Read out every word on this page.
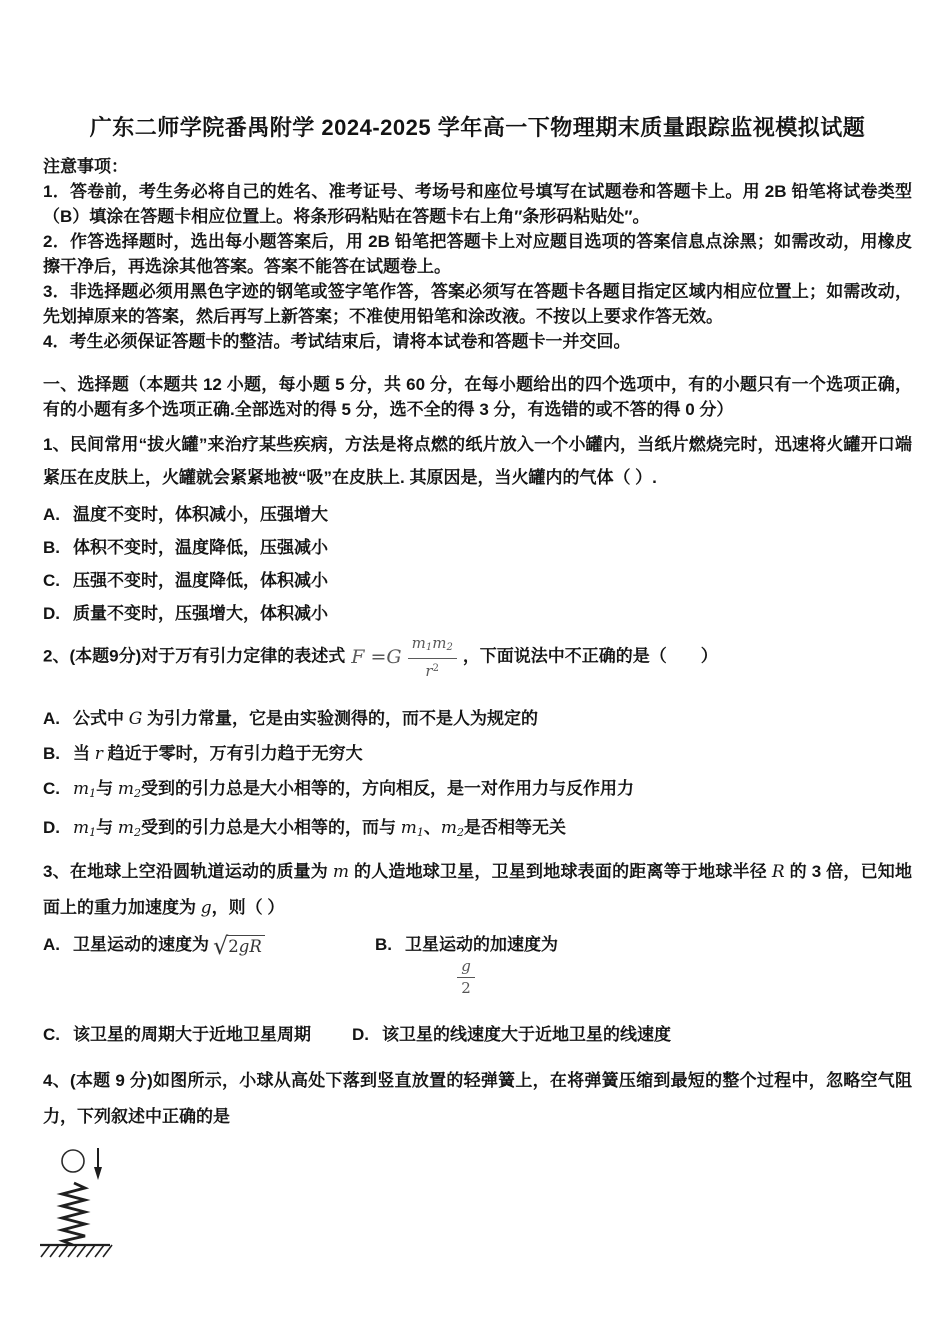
广东二师学院番禺附学 2024-2025 学年高一下物理期末质量跟踪监视模拟试题

注意事项：

1．答卷前，考生务必将自己的姓名、准考证号、考场号和座位号填写在试题卷和答题卡上。用 2B 铅笔将试卷类型（B）填涂在答题卡相应位置上。将条形码粘贴在答题卡右上角″条形码粘贴处″。

2．作答选择题时，选出每小题答案后，用 2B 铅笔把答题卡上对应题目选项的答案信息点涂黑；如需改动，用橡皮擦干净后，再选涂其他答案。答案不能答在试题卷上。

3．非选择题必须用黑色字迹的钢笔或签字笔作答，答案必须写在答题卡各题目指定区域内相应位置上；如需改动，先划掉原来的答案，然后再写上新答案；不准使用铅笔和涂改液。不按以上要求作答无效。

4．考生必须保证答题卡的整洁。考试结束后，请将本试卷和答题卡一并交回。

一、选择题（本题共 12 小题，每小题 5 分，共 60 分，在每小题给出的四个选项中，有的小题只有一个选项正确，有的小题有多个选项正确.全部选对的得 5 分，选不全的得 3 分，有选错的或不答的得 0 分）

1、民间常用“拔火罐”来治疗某些疾病，方法是将点燃的纸片放入一个小罐内，当纸片燃烧完时，迅速将火罐开口端紧压在皮肤上，火罐就会紧紧地被“吸”在皮肤上. 其原因是，当火罐内的气体（ ）.

A. 温度不变时，体积减小，压强增大

B. 体积不变时，温度降低，压强减小

C. 压强不变时，温度降低，体积减小

D. 质量不变时，压强增大，体积减小

2、(本题9分)对于万有引力定律的表述式 $F =G \frac{m1m2}{r^2}$ ，下面说法中不正确的是（　　）

A. 公式中 G 为引力常量，它是由实验测得的，而不是人为规定的

B. 当 r 趋近于零时，万有引力趋于无穷大

C. m1与 m2受到的引力总是大小相等的，方向相反，是一对作用力与反作用力

D. m1与 m2受到的引力总是大小相等的，而与 m1、m2是否相等无关

3、在地球上空沿圆轨道运动的质量为 m 的人造地球卫星，卫星到地球表面的距离等于地球半径 R 的 3 倍，已知地面上的重力加速度为 g，则（ ）

A. 卫星运动的速度为 √ 2gR	B. 卫星运动的加速度为
g
2

C. 该卫星的周期大于近地卫星周期	D. 该卫星的线速度大于近地卫星的线速度

4、(本题 9 分)如图所示，小球从高处下落到竖直放置的轻弹簧上，在将弹簧压缩到最短的整个过程中，忽略空气阻力，下列叙述中正确的是
